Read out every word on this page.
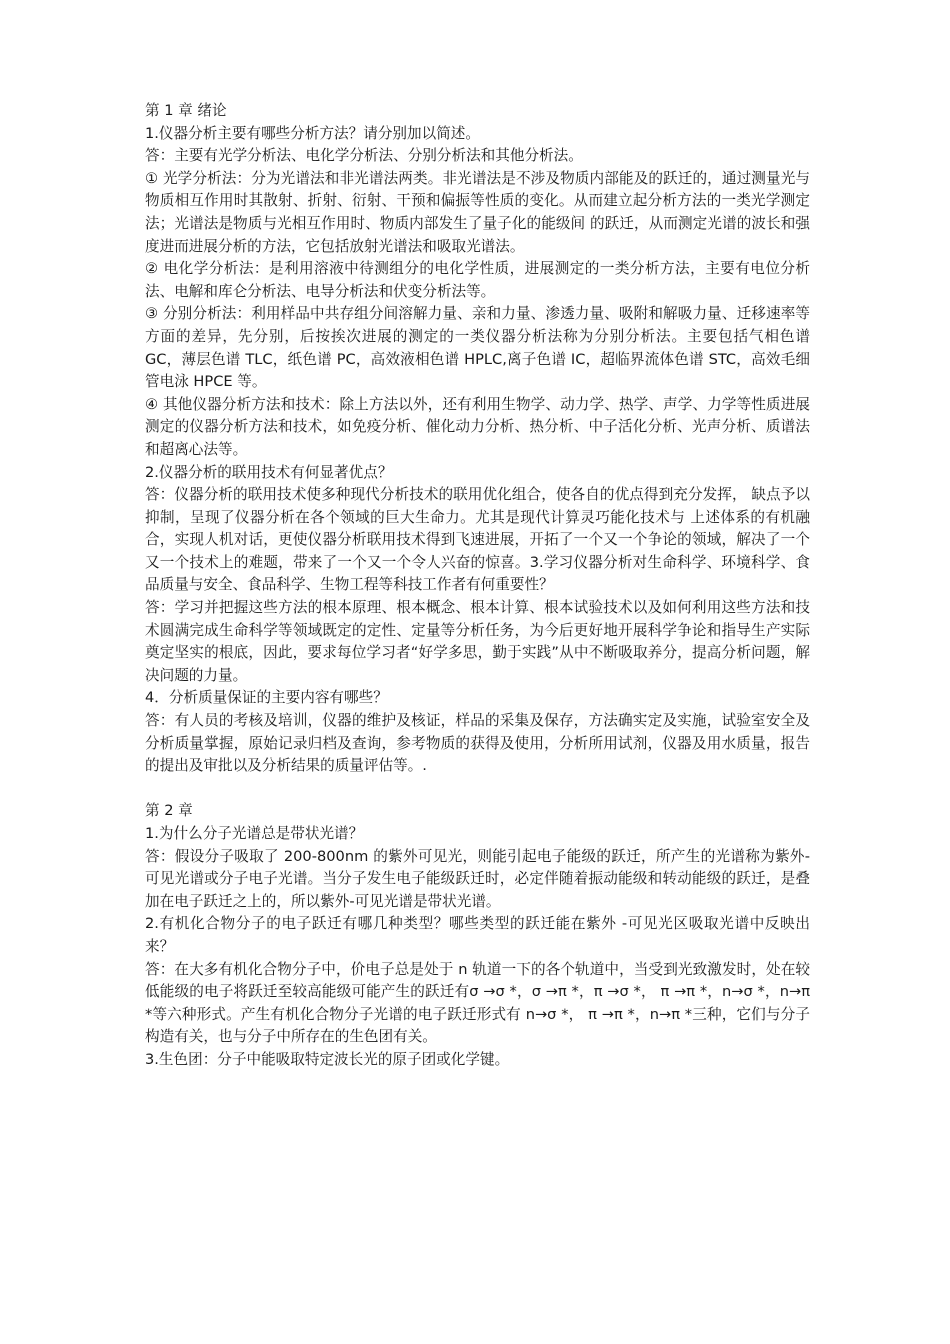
第 1 章 绪论
1.仪器分析主要有哪些分析方法？请分别加以简述。
答：主要有光学分析法、电化学分析法、分别分析法和其他分析法。
① 光学分析法：分为光谱法和非光谱法两类。非光谱法是不涉及物质内部能及的跃迁的，通过测量光与物质相互作用时其散射、折射、衍射、干预和偏振等性质的变化。从而建立起分析方法的一类光学测定法；光谱法是物质与光相互作用时、物质内部发生了量子化的能级间 的跃迁，从而测定光谱的波长和强度进而进展分析的方法，它包括放射光谱法和吸取光谱法。
② 电化学分析法：是利用溶液中待测组分的电化学性质，进展测定的一类分析方法，主要有电位分析法、电解和库仑分析法、电导分析法和伏变分析法等。
③ 分别分析法：利用样品中共存组分间溶解力量、亲和力量、渗透力量、吸附和解吸力量、迁移速率等方面的差异，先分别，后按挨次进展的测定的一类仪器分析法称为分别分析法。主要包括气相色谱 GC，薄层色谱 TLC，纸色谱 PC，高效液相色谱 HPLC,离子色谱 IC，超临界流体色谱 STC，高效毛细管电泳 HPCE 等。
④ 其他仪器分析方法和技术：除上方法以外，还有利用生物学、动力学、热学、声学、力学等性质进展测定的仪器分析方法和技术，如免疫分析、催化动力分析、热分析、中子活化分析、光声分析、质谱法和超离心法等。
2.仪器分析的联用技术有何显著优点？
答：仪器分析的联用技术使多种现代分析技术的联用优化组合，使各自的优点得到充分发挥， 缺点予以抑制，呈现了仪器分析在各个领域的巨大生命力。尤其是现代计算灵巧能化技术与 上述体系的有机融合，实现人机对话，更使仪器分析联用技术得到飞速进展，开拓了一个又一个争论的领域，解决了一个又一个技术上的难题，带来了一个又一个令人兴奋的惊喜。3.学习仪器分析对生命科学、环境科学、食品质量与安全、食品科学、生物工程等科技工作者有何重要性？
答：学习并把握这些方法的根本原理、根本概念、根本计算、根本试验技术以及如何利用这些方法和技术圆满完成生命科学等领域既定的定性、定量等分析任务，为今后更好地开展科学争论和指导生产实际奠定坚实的根底，因此，要求每位学习者“好学多思，勤于实践”从中不断吸取养分，提高分析问题，解决问题的力量。
4．分析质量保证的主要内容有哪些？
答：有人员的考核及培训，仪器的维护及核证，样品的采集及保存，方法确实定及实施，试验室安全及分析质量掌握，原始记录归档及查询，参考物质的获得及使用，分析所用试剂，仪器及用水质量，报告的提出及审批以及分析结果的质量评估等。.
第 2 章
1.为什么分子光谱总是带状光谱？
答：假设分子吸取了 200-800nm 的紫外可见光，则能引起电子能级的跃迁，所产生的光谱称为紫外-可见光谱或分子电子光谱。当分子发生电子能级跃迁时，必定伴随着振动能级和转动能级的跃迁，是叠加在电子跃迁之上的，所以紫外-可见光谱是带状光谱。
2.有机化合物分子的电子跃迁有哪几种类型？哪些类型的跃迁能在紫外 -可见光区吸取光谱中反映出来？
答：在大多有机化合物分子中，价电子总是处于 n 轨道一下的各个轨道中，当受到光致激发时，处在较低能级的电子将跃迁至较高能级可能产生的跃迁有σ →σ *，σ →π *，π →σ *， π →π *，n→σ *，n→π *等六种形式。产生有机化合物分子光谱的电子跃迁形式有 n→σ *， π →π *，n→π *三种，它们与分子构造有关，也与分子中所存在的生色团有关。
3.生色团：分子中能吸取特定波长光的原子团或化学键。
